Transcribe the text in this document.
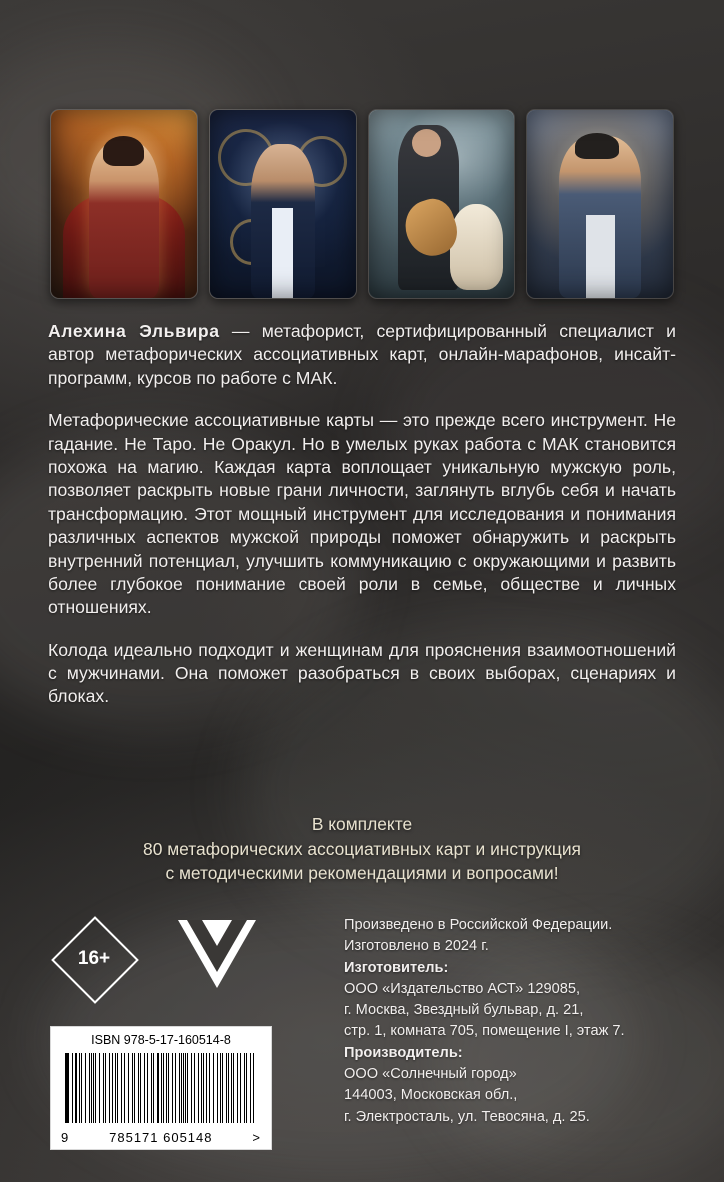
Алехина Эльвира — метафорист, сертифицированный специалист и автор метафорических ассоциативных карт, онлайн-марафонов, инсайт-программ, курсов по работе с МАК.

Метафорические ассоциативные карты — это прежде всего инструмент. Не гадание. Не Таро. Не Оракул. Но в умелых руках работа с МАК становится похожа на магию. Каждая карта воплощает уникальную мужскую роль, позволяет раскрыть новые грани личности, заглянуть вглубь себя и начать трансформацию. Этот мощный инструмент для исследования и понимания различных аспектов мужской природы поможет обнаружить и раскрыть внутренний потенциал, улучшить коммуникацию с окружающими и развить более глубокое понимание своей роли в семье, обществе и личных отношениях.

Колода идеально подходит и женщинам для прояснения взаимоотношений с мужчинами. Она поможет разобраться в своих выборах, сценариях и блоках.

В комплекте
80 метафорических ассоциативных карт и инструкция
с методическими рекомендациями и вопросами!
16+
Произведено в Российской Федерации.
Изготовлено в 2024 г.
Изготовитель:
ООО «Издательство АСТ» 129085,
г. Москва, Звездный бульвар, д. 21,
стр. 1, комната 705, помещение I, этаж 7.
Производитель:
ООО «Солнечный город»
144003, Московская обл.,
г. Электросталь, ул. Тевосяна, д. 25.
ISBN 978-5-17-160514-8
9	785171 605148	>
